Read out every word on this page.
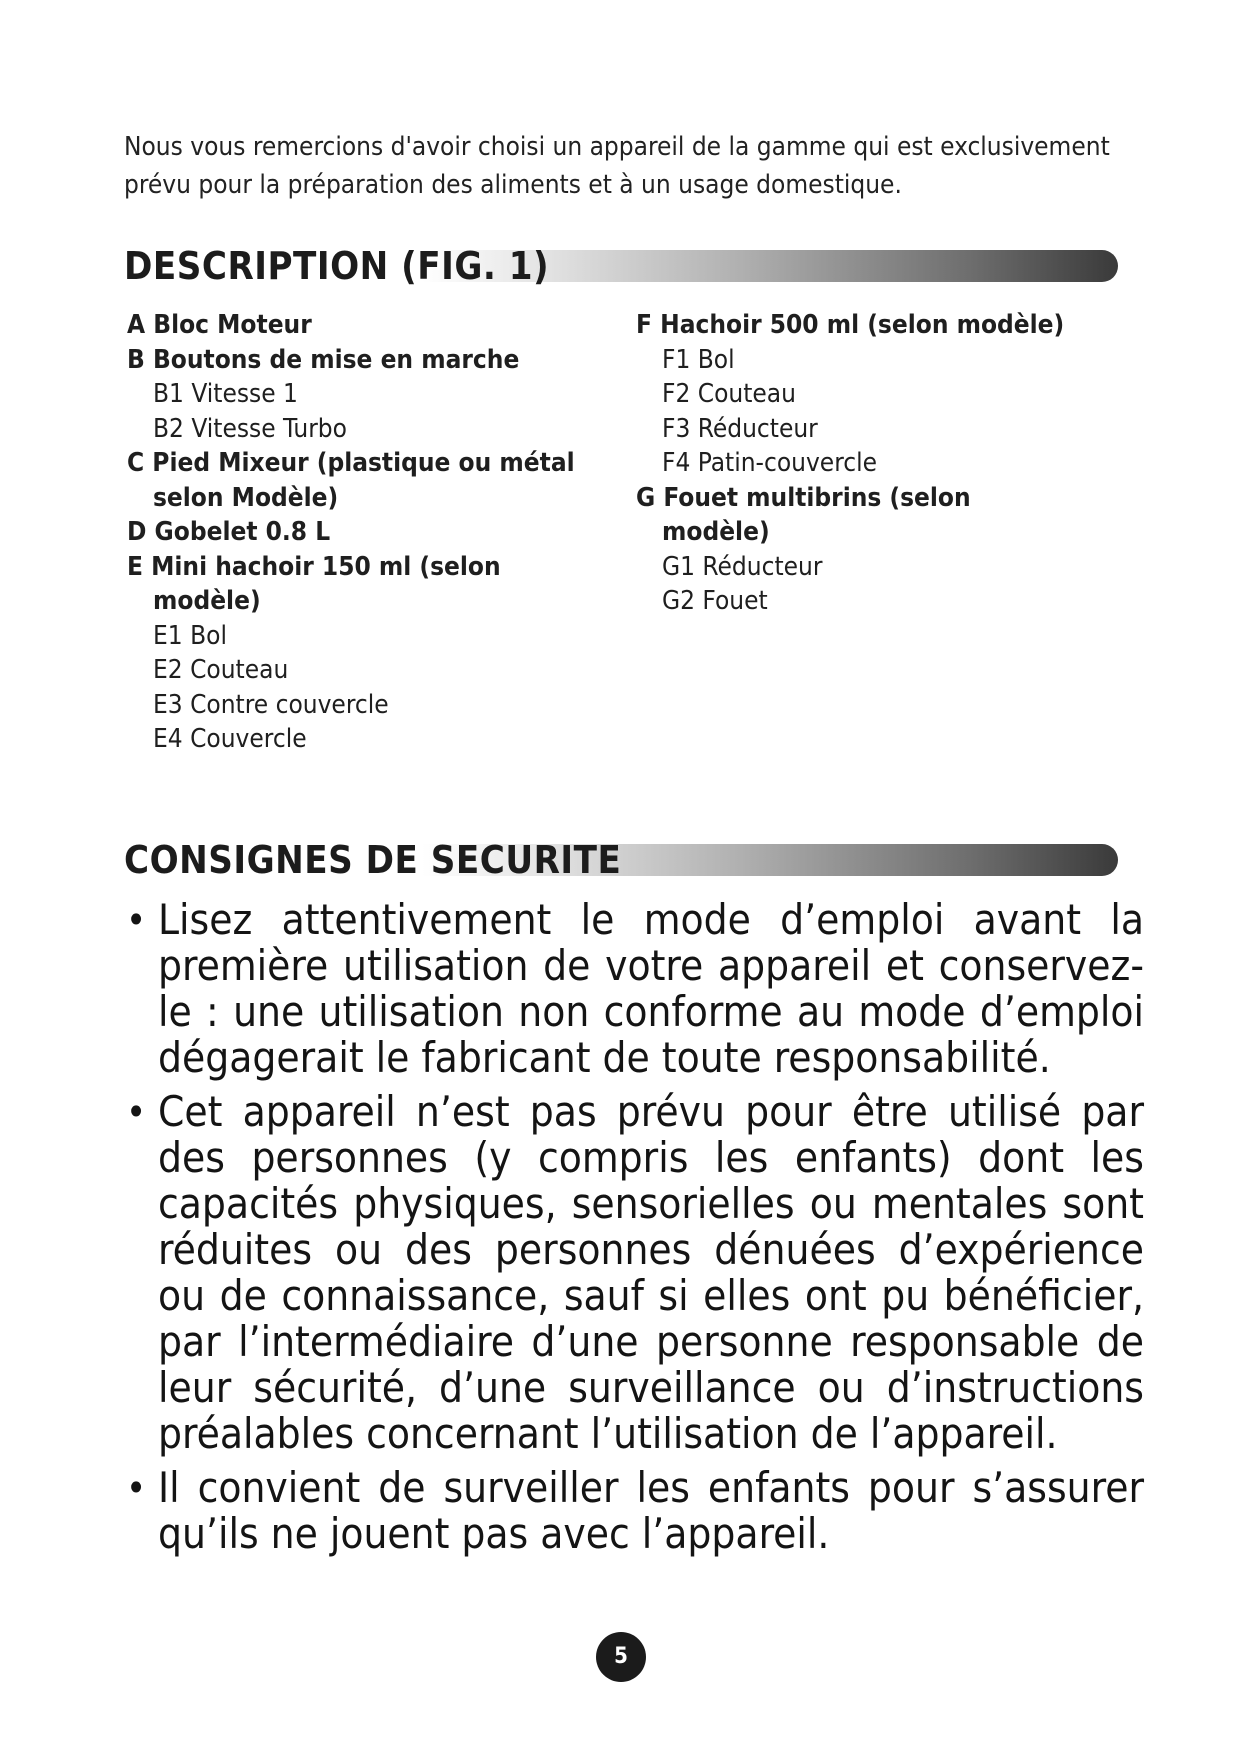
Nous vous remercions d'avoir choisi un appareil de la gamme qui est exclusivement

prévu pour la préparation des aliments et à un usage domestique.

DESCRIPTION (FIG. 1)

A Bloc Moteur

B Boutons de mise en marche

B1 Vitesse 1

B2 Vitesse Turbo

C Pied Mixeur (plastique ou métal selon Modèle)

D Gobelet 0.8 L

E Mini hachoir 150 ml (selon modèle)

E1 Bol

E2 Couteau

E3 Contre couvercle

E4 Couvercle

F Hachoir 500 ml (selon modèle)

F1 Bol

F2 Couteau

F3 Réducteur

F4 Patin-couvercle

G Fouet multibrins (selon modèle)

G1 Réducteur

G2 Fouet

CONSIGNES DE SECURITE

• Lisez attentivement le mode d’emploi avant la première utilisation de votre appareil et conservez-le : une utilisation non conforme au mode d’emploi dégagerait le fabricant de toute responsabilité.

• Cet appareil n’est pas prévu pour être utilisé par des personnes (y compris les enfants) dont les capacités physiques, sensorielles ou mentales sont réduites ou des personnes dénuées d’expérience ou de connaissance, sauf si elles ont pu bénéficier, par l’intermédiaire d’une personne responsable de leur sécurité, d’une surveillance ou d’instructions préalables concernant l’utilisation de l’appareil.

• Il convient de surveiller les enfants pour s’assurer qu’ils ne jouent pas avec l’appareil.

5
